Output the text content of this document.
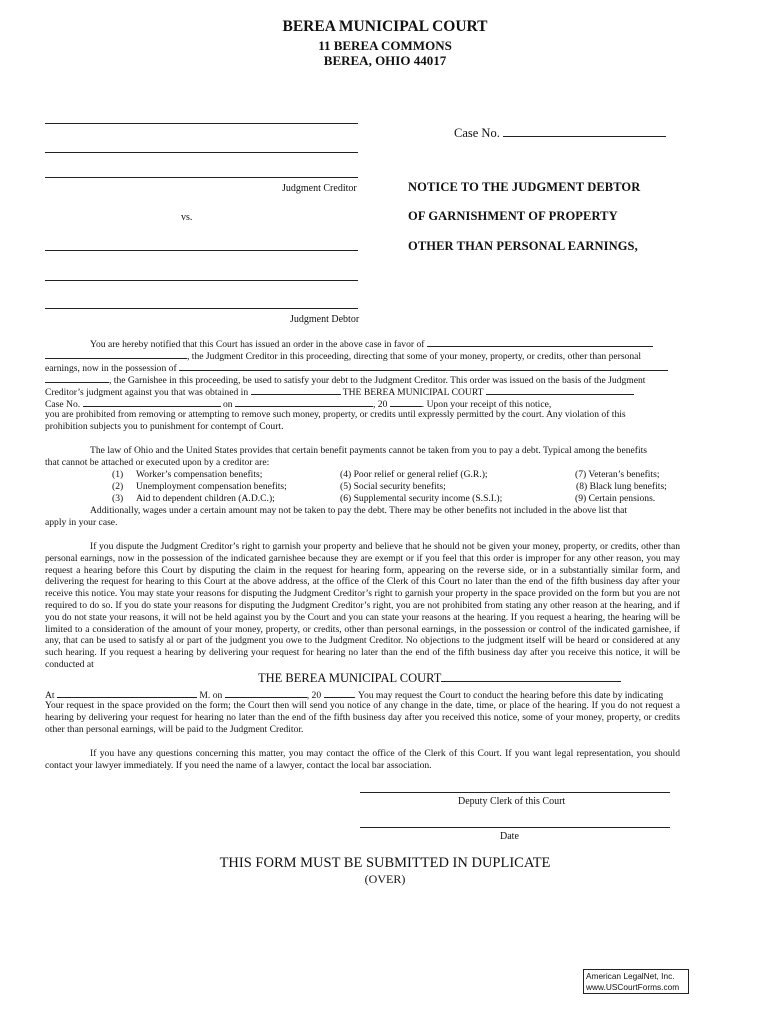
BEREA MUNICIPAL COURT
11 BEREA COMMONS
BEREA, OHIO 44017
Judgment Creditor
vs.
Judgment Debtor
Case No.
NOTICE TO THE JUDGMENT DEBTOR
OF GARNISHMENT OF PROPERTY
OTHER THAN PERSONAL EARNINGS,
You are hereby notified that this Court has issued an order in the above case in favor of
, the Judgment Creditor in this proceeding, directing that some of your money, property, or credits, other than personal
earnings, now in the possession of
, the Garnishee in this proceeding, be used to satisfy your debt to the Judgment Creditor. This order was issued on the basis of the Judgment
Creditor’s judgment against you that was obtained in	THE BEREA MUNICIPAL COURT
Case No.	on	, 20	. Upon your receipt of this notice,
you are prohibited from removing or attempting to remove such money, property, or credits until expressly permitted by the court. Any violation of this
prohibition subjects you to punishment for contempt of Court.
The law of Ohio and the United States provides that certain benefit payments cannot be taken from you to pay a debt. Typical among the benefits
that cannot be attached or executed upon by a creditor are:
(1) Worker’s compensation benefits;	(4) Poor relief or general relief (G.R.);	(7) Veteran’s benefits;
(2) Unemployment compensation benefits;	(5) Social security benefits;	(8) Black lung benefits;
(3) Aid to dependent children (A.D.C.);	(6) Supplemental security income (S.S.I.);	(9) Certain pensions.
Additionally, wages under a certain amount may not be taken to pay the debt. There may be other benefits not included in the above list that
apply in your case.

If you dispute the Judgment Creditor’s right to garnish your property and believe that he should not be given your money, property, or credits, other than personal earnings, now in the possession of the indicated garnishee because they are exempt or if you feel that this order is improper for any other reason, you may request a hearing before this Court by disputing the claim in the request for hearing form, appearing on the reverse side, or in a substantially similar form, and delivering the request for hearing to this Court at the above address, at the office of the Clerk of this Court no later than the end of the fifth business day after your receive this notice. You may state your reasons for disputing the Judgment Creditor’s right to garnish your property in the space provided on the form but you are not required to do so. If you do state your reasons for disputing the Judgment Creditor’s right, you are not prohibited from stating any other reason at the hearing, and if you do not state your reasons, it will not be held against you by the Court and you can state your reasons at the hearing. If you request a hearing, the hearing will be limited to a consideration of the amount of your money, property, or credits, other than personal earnings, in the possession or control of the indicated garnishee, if any, that can be used to satisfy al or part of the judgment you owe to the Judgment Creditor. No objections to the judgment itself will be heard or considered at any such hearing. If you request a hearing by delivering your request for hearing no later than the end of the fifth business day after you receive this notice, it will be conducted at

THE BEREA MUNICIPAL COURT
At	M. on	, 20	. You may request the Court to conduct the hearing before this date by indicating

Your request in the space provided on the form; the Court then will send you notice of any change in the date, time, or place of the hearing. If you do not request a hearing by delivering your request for hearing no later than the end of the fifth business day after you received this notice, some of your money, property, or credits other than personal earnings, will be paid to the Judgment Creditor.

If you have any questions concerning this matter, you may contact the office of the Clerk of this Court. If you want legal representation, you should contact your lawyer immediately. If you need the name of a lawyer, contact the local bar association.

Deputy Clerk of this Court
Date
THIS FORM MUST BE SUBMITTED IN DUPLICATE
(OVER)
American LegalNet, Inc.
www.USCourtForms.com
